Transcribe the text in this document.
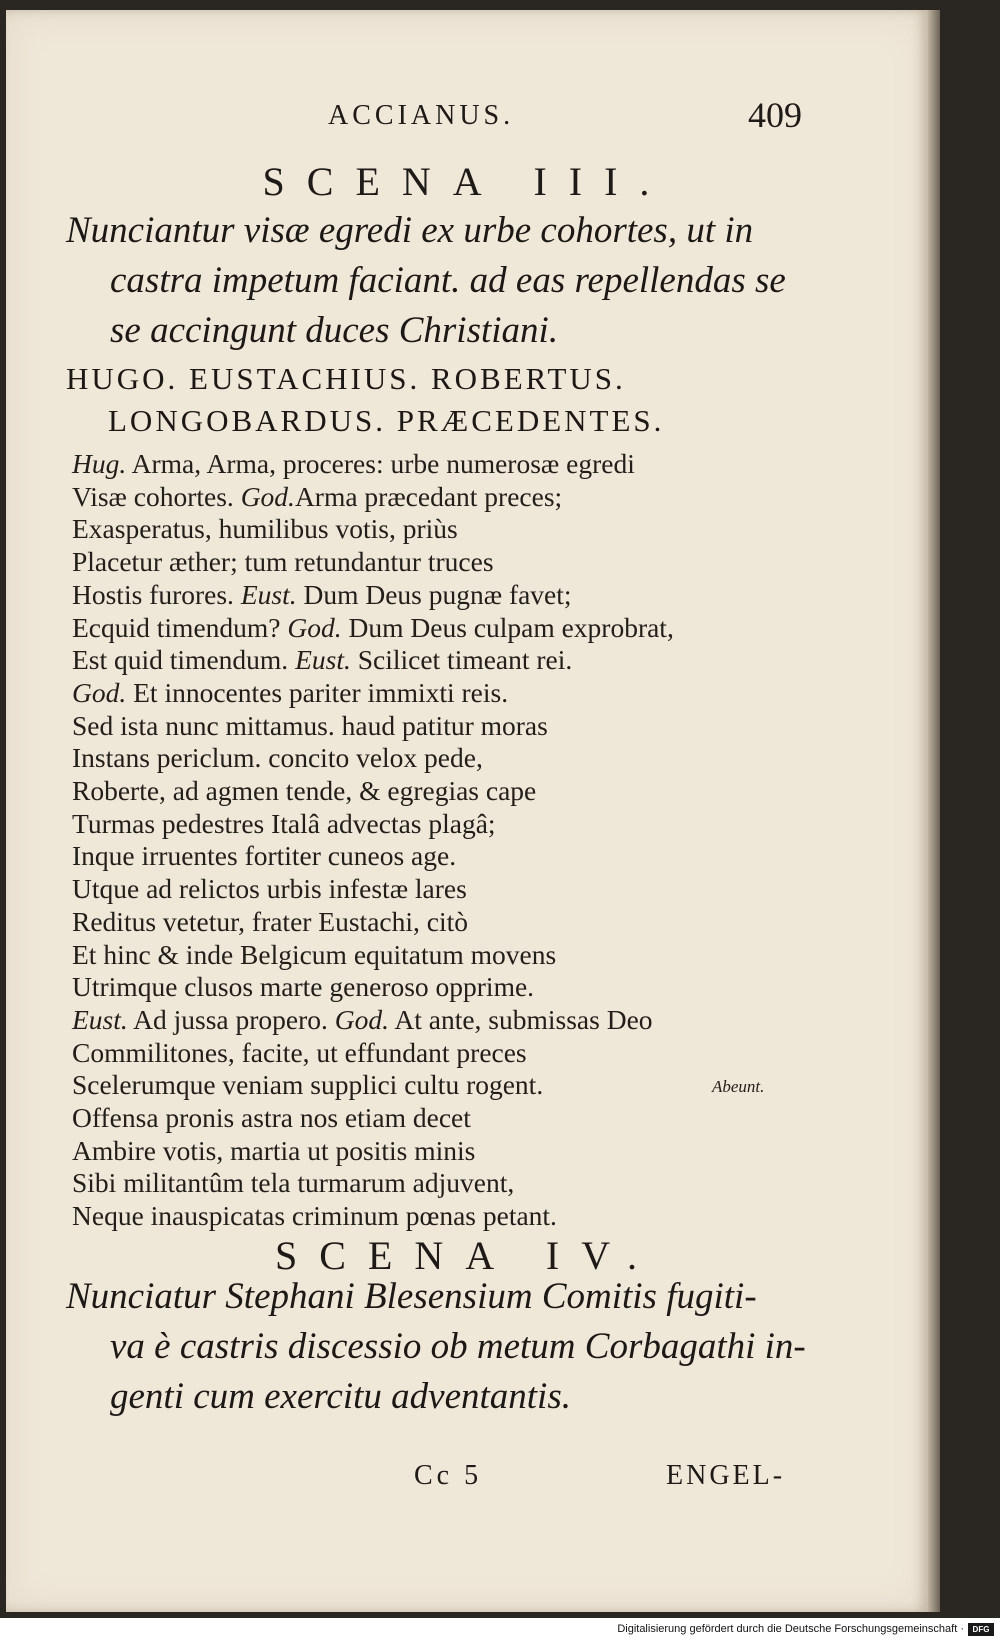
ACCIANUS.	409
SCENA III.
Nunciantur visæ egredi ex urbe cohortes, ut in
castra impetum faciant. ad eas repellendas se
se accingunt duces Christiani.
HUGO. EUSTACHIUS. ROBERTUS.
LONGOBARDUS. PRÆCEDENTES.
Hug. Arma, Arma, proceres: urbe numerosæ egredi
Visæ cohortes. God.Arma præcedant preces;
Exasperatus, humilibus votis, priùs
Placetur æther; tum retundantur truces
Hostis furores. Eust. Dum Deus pugnæ favet;
Ecquid timendum? God. Dum Deus culpam exprobrat,
Est quid timendum. Eust. Scilicet timeant rei.
God. Et innocentes pariter immixti reis.
Sed ista nunc mittamus. haud patitur moras
Instans periclum. concito velox pede,
Roberte, ad agmen tende, & egregias cape
Turmas pedestres Italâ advectas plagâ;
Inque irruentes fortiter cuneos age.
Utque ad relictos urbis infestæ lares
Reditus vetetur, frater Eustachi, citò
Et hinc & inde Belgicum equitatum movens
Utrimque clusos marte generoso opprime.
Eust. Ad jussa propero. God. At ante, submissas Deo
Commilitones, facite, ut effundant preces
Scelerumque veniam supplici cultu rogent.	Abeunt.
Offensa pronis astra nos etiam decet
Ambire votis, martia ut positis minis
Sibi militantûm tela turmarum adjuvent,
Neque inauspicatas criminum pœnas petant.
SCENA IV.
Nunciatur Stephani Blesensium Comitis fugiti-
va è castris discessio ob metum Corbagathi in-
genti cum exercitu adventantis.
Cc 5	ENGEL-
Digitalisierung gefördert durch die Deutsche Forschungsgemeinschaft ·	DFG
